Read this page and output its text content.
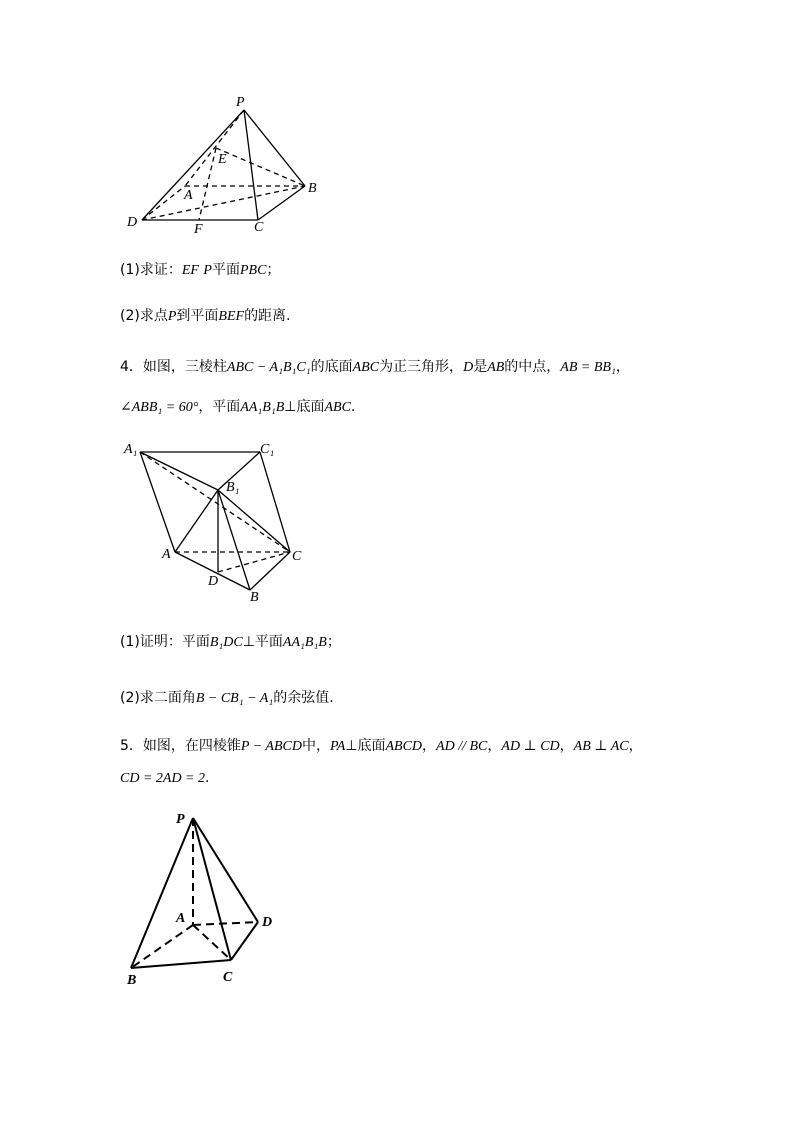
P
E
B
A
D	F	C
(1)求证：EF P平面PBC；
(2)求点P到平面BEF的距离.
4．如图，三棱柱ABC − A₁B₁C₁的底面ABC为正三角形，D是AB的中点，AB = BB₁，
∠ABB₁ = 60°，平面AA₁B₁B⊥底面ABC.
A₁	C₁
B₁
A	C
D
B
(1)证明：平面B₁DC⊥平面AA₁B₁B；
(2)求二面角B − CB₁ − A₁的余弦值.
5．如图，在四棱锥P − ABCD中，PA⊥底面ABCD，AD // BC，AD ⊥ CD，AB ⊥ AC，
CD = 2AD = 2.
P
A	D
B	C
